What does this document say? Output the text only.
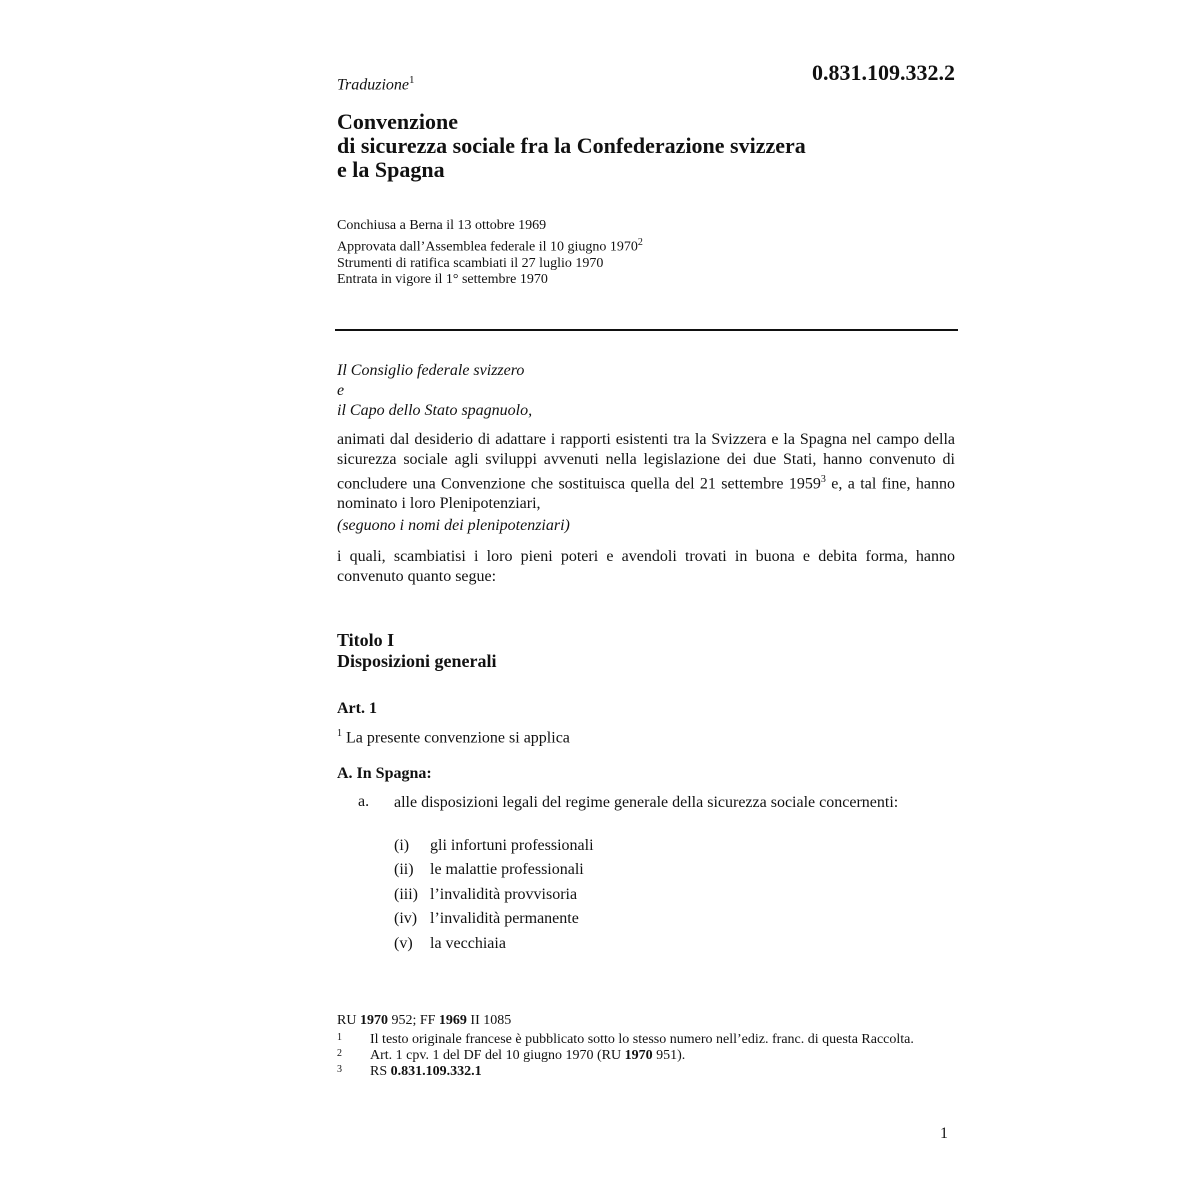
0.831.109.332.2
Traduzione$^1$
Convenzione
di sicurezza sociale fra la Confederazione svizzera
e la Spagna
Conchiusa a Berna il 13 ottobre 1969
Approvata dall’Assemblea federale il 10 giugno 1970$^2$
Strumenti di ratifica scambiati il 27 luglio 1970
Entrata in vigore il 1° settembre 1970
Il Consiglio federale svizzero
e
il Capo dello Stato spagnuolo,
animati dal desiderio di adattare i rapporti esistenti tra la Svizzera e la Spagna nel campo della sicurezza sociale agli sviluppi avvenuti nella legislazione dei due Stati, hanno convenuto di concludere una Convenzione che sostituisca quella del 21 settembre 1959$^3$ e, a tal fine, hanno nominato i loro Plenipotenziari,
(seguono i nomi dei plenipotenziari)
i quali, scambiatisi i loro pieni poteri e avendoli trovati in buona e debita forma, hanno convenuto quanto segue:
Titolo I
Disposizioni generali
Art. 1
$^1$ La presente convenzione si applica
A. In Spagna:
a. alle disposizioni legali del regime generale della sicurezza sociale concernenti:
(i) gli infortuni professionali
(ii) le malattie professionali
(iii) l’invalidità provvisoria
(iv) l’invalidità permanente
(v) la vecchiaia
RU 1970 952; FF 1969 II 1085
1 Il testo originale francese è pubblicato sotto lo stesso numero nell’ediz. franc. di questa Raccolta.
2 Art. 1 cpv. 1 del DF del 10 giugno 1970 (RU 1970 951).
3 RS 0.831.109.332.1
1
